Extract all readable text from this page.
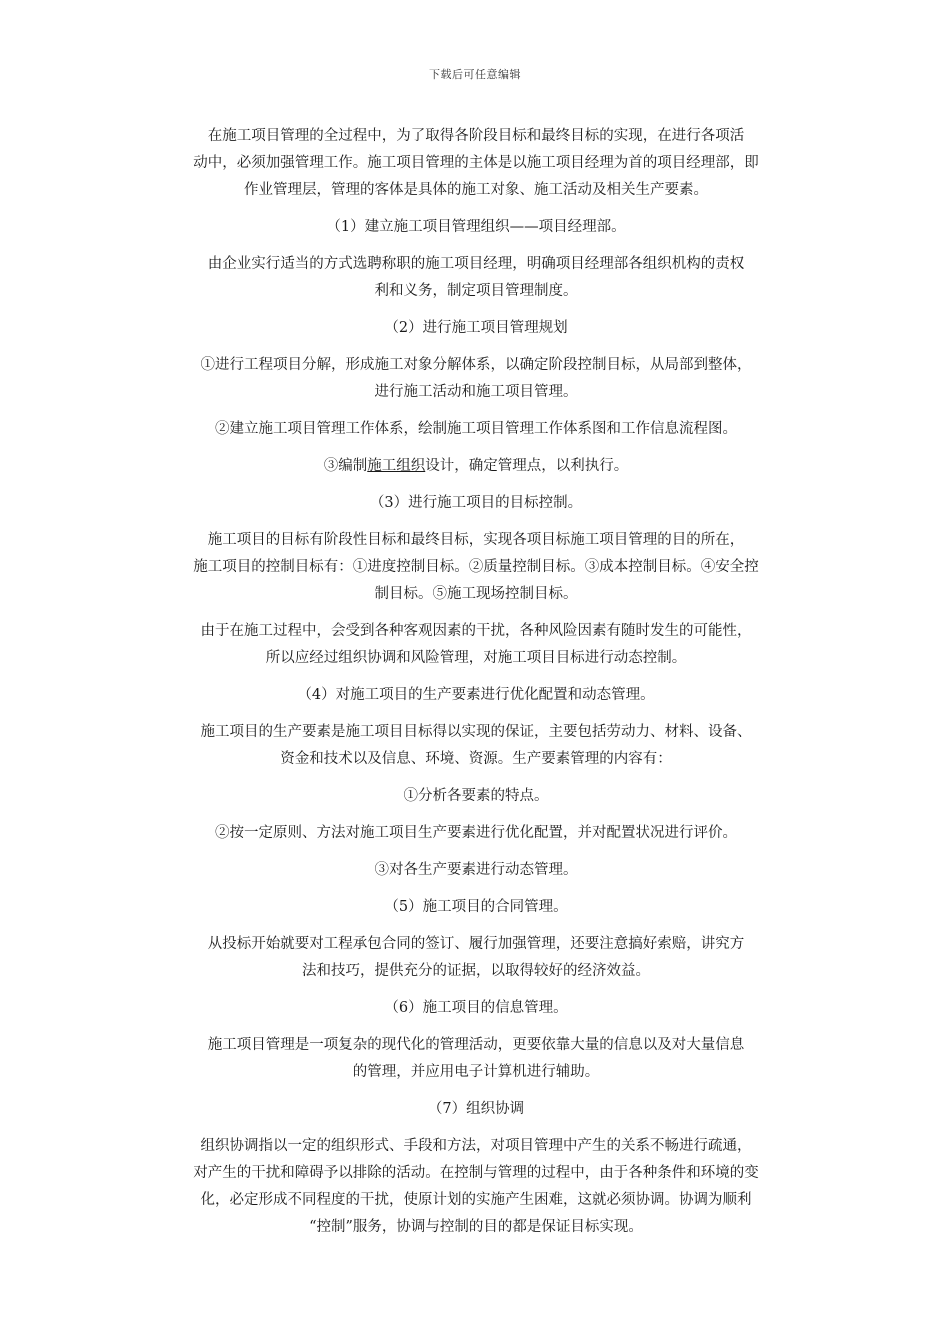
下载后可任意编辑

在施工项目管理的全过程中，为了取得各阶段目标和最终目标的实现，在进行各项活
动中，必须加强管理工作。施工项目管理的主体是以施工项目经理为首的项目经理部，即
作业管理层，管理的客体是具体的施工对象、施工活动及相关生产要素。

（1）建立施工项目管理组织——项目经理部。

由企业实行适当的方式选聘称职的施工项目经理，明确项目经理部各组织机构的责权
利和义务，制定项目管理制度。

（2）进行施工项目管理规划

①进行工程项目分解，形成施工对象分解体系，以确定阶段控制目标，从局部到整体，
进行施工活动和施工项目管理。

②建立施工项目管理工作体系，绘制施工项目管理工作体系图和工作信息流程图。

③编制施工组织设计，确定管理点，以利执行。

（3）进行施工项目的目标控制。

施工项目的目标有阶段性目标和最终目标，实现各项目标施工项目管理的目的所在，
施工项目的控制目标有：①进度控制目标。②质量控制目标。③成本控制目标。④安全控
制目标。⑤施工现场控制目标。

由于在施工过程中，会受到各种客观因素的干扰，各种风险因素有随时发生的可能性，
所以应经过组织协调和风险管理，对施工项目目标进行动态控制。

（4）对施工项目的生产要素进行优化配置和动态管理。

施工项目的生产要素是施工项目目标得以实现的保证，主要包括劳动力、材料、设备、
资金和技术以及信息、环境、资源。生产要素管理的内容有：

①分析各要素的特点。

②按一定原则、方法对施工项目生产要素进行优化配置，并对配置状况进行评价。

③对各生产要素进行动态管理。

（5）施工项目的合同管理。

从投标开始就要对工程承包合同的签订、履行加强管理，还要注意搞好索赔，讲究方
法和技巧，提供充分的证据，以取得较好的经济效益。

（6）施工项目的信息管理。

施工项目管理是一项复杂的现代化的管理活动，更要依靠大量的信息以及对大量信息
的管理，并应用电子计算机进行辅助。

（7）组织协调

组织协调指以一定的组织形式、手段和方法，对项目管理中产生的关系不畅进行疏通，
对产生的干扰和障碍予以排除的活动。在控制与管理的过程中，由于各种条件和环境的变
化，必定形成不同程度的干扰，使原计划的实施产生困难，这就必须协调。协调为顺利
“控制”服务，协调与控制的目的都是保证目标实现。
